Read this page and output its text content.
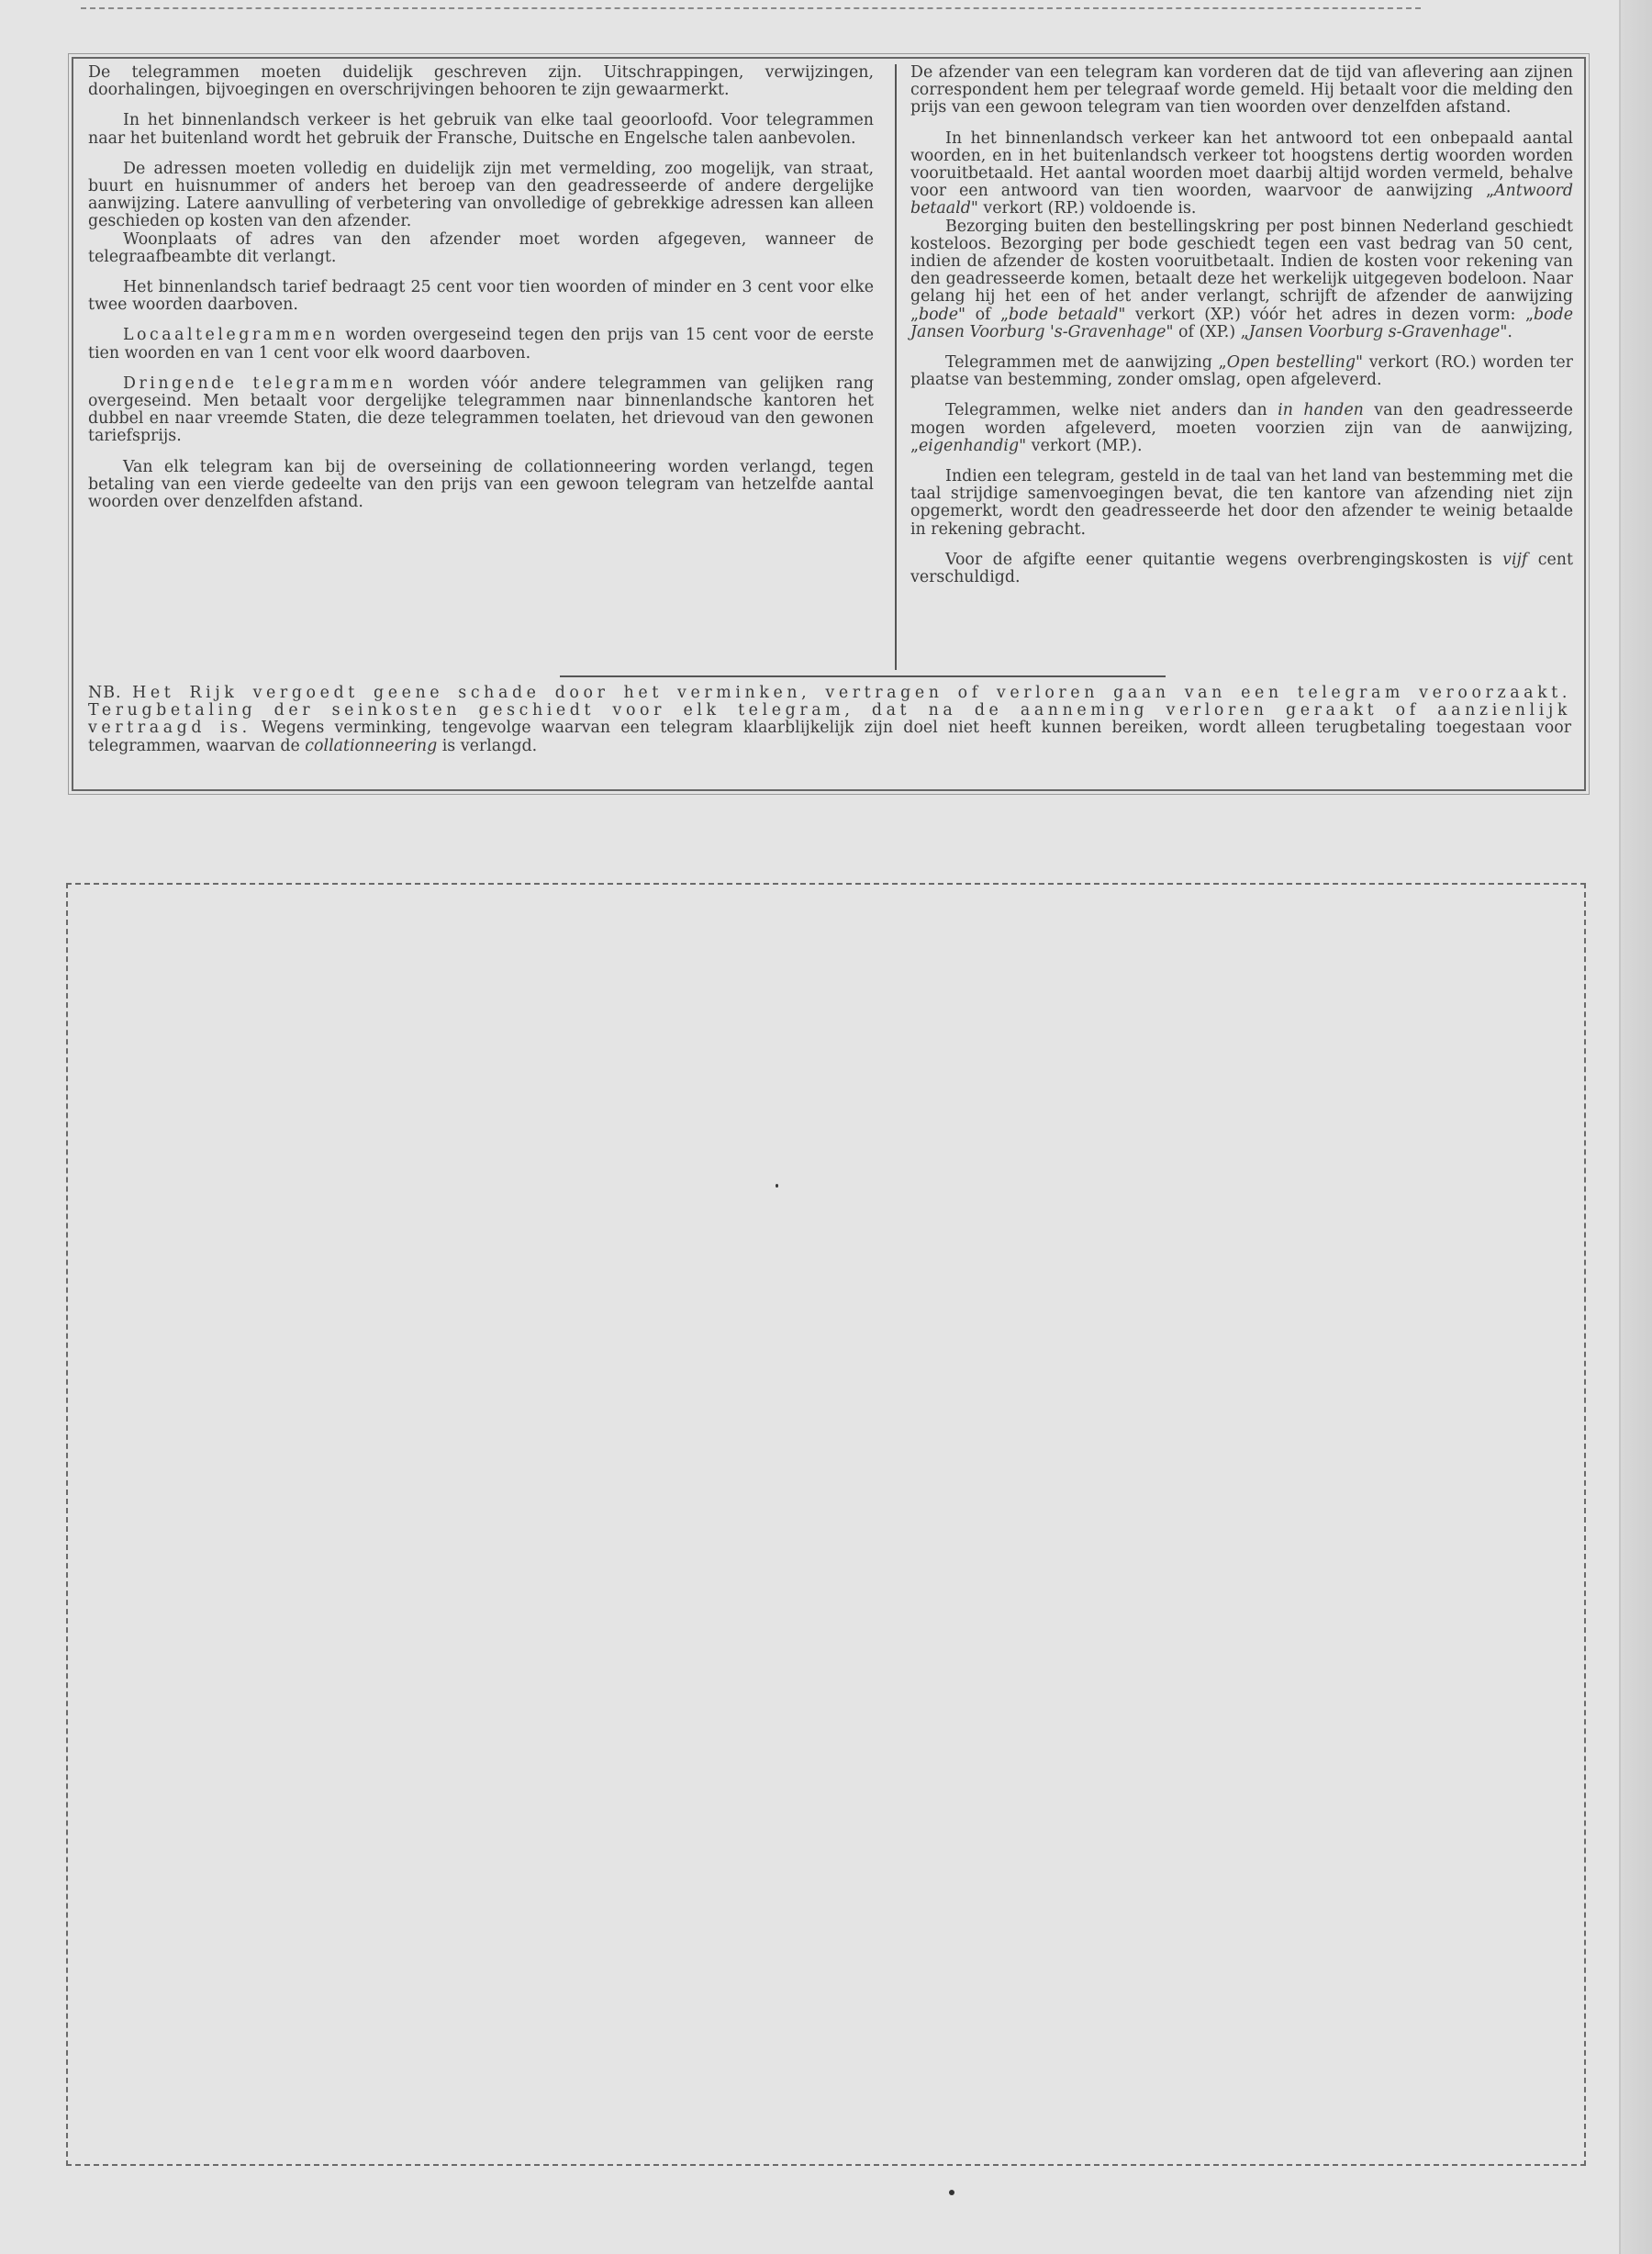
De telegrammen moeten duidelijk geschreven zijn. Uitschrappingen, verwijzingen, doorhalingen, bijvoegingen en overschrijvingen behooren te zijn gewaarmerkt.

In het binnenlandsch verkeer is het gebruik van elke taal geoorloofd. Voor telegrammen naar het buitenland wordt het gebruik der Fransche, Duitsche en Engelsche talen aanbevolen.

De adressen moeten volledig en duidelijk zijn met vermelding, zoo mogelijk, van straat, buurt en huisnummer of anders het beroep van den geadresseerde of andere dergelijke aanwijzing. Latere aanvulling of verbetering van onvolledige of gebrekkige adressen kan alleen geschieden op kosten van den afzender.

Woonplaats of adres van den afzender moet worden afgegeven, wanneer de telegraafbeambte dit verlangt.

Het binnenlandsch tarief bedraagt 25 cent voor tien woorden of minder en 3 cent voor elke twee woorden daarboven.

Locaaltelegrammen worden overgeseind tegen den prijs van 15 cent voor de eerste tien woorden en van 1 cent voor elk woord daarboven.

Dringende telegrammen worden vóór andere telegrammen van gelijken rang overgeseind. Men betaalt voor dergelijke telegrammen naar binnenlandsche kantoren het dubbel en naar vreemde Staten, die deze telegrammen toelaten, het drievoud van den gewonen tariefsprijs.

Van elk telegram kan bij de overseining de collationneering worden verlangd, tegen betaling van een vierde gedeelte van den prijs van een gewoon telegram van hetzelfde aantal woorden over denzelfden afstand.

De afzender van een telegram kan vorderen dat de tijd van aflevering aan zijnen correspondent hem per telegraaf worde gemeld. Hij betaalt voor die melding den prijs van een gewoon telegram van tien woorden over denzelfden afstand.

In het binnenlandsch verkeer kan het antwoord tot een onbepaald aantal woorden, en in het buitenlandsch verkeer tot hoogstens dertig woorden worden vooruitbetaald. Het aantal woorden moet daarbij altijd worden vermeld, behalve voor een antwoord van tien woorden, waarvoor de aanwijzing „Antwoord betaald" verkort (RP.) voldoende is.

Bezorging buiten den bestellingskring per post binnen Nederland geschiedt kosteloos. Bezorging per bode geschiedt tegen een vast bedrag van 50 cent, indien de afzender de kosten vooruitbetaalt. Indien de kosten voor rekening van den geadresseerde komen, betaalt deze het werkelijk uitgegeven bodeloon. Naar gelang hij het een of het ander verlangt, schrijft de afzender de aanwijzing „bode" of „bode betaald" verkort (XP.) vóór het adres in dezen vorm: „bode Jansen Voorburg 's-Gravenhage" of (XP.) „Jansen Voorburg s-Gravenhage".

Telegrammen met de aanwijzing „Open bestelling" verkort (RO.) worden ter plaatse van bestemming, zonder omslag, open afgeleverd.

Telegrammen, welke niet anders dan in handen van den geadresseerde mogen worden afgeleverd, moeten voorzien zijn van de aanwijzing, „eigenhandig" verkort (MP.).

Indien een telegram, gesteld in de taal van het land van bestemming met die taal strijdige samenvoegingen bevat, die ten kantore van afzending niet zijn opgemerkt, wordt den geadresseerde het door den afzender te weinig betaalde in rekening gebracht.

Voor de afgifte eener quitantie wegens overbrengingskosten is vijf cent verschuldigd.

NB. Het Rijk vergoedt geene schade door het verminken, vertragen of verloren gaan van een telegram veroorzaakt. Terugbetaling der seinkosten geschiedt voor elk telegram, dat na de aanneming verloren geraakt of aanzienlijk vertraagd is. Wegens verminking, tengevolge waarvan een telegram klaarblijkelijk zijn doel niet heeft kunnen bereiken, wordt alleen terugbetaling toegestaan voor telegrammen, waarvan de collationneering is verlangd.
